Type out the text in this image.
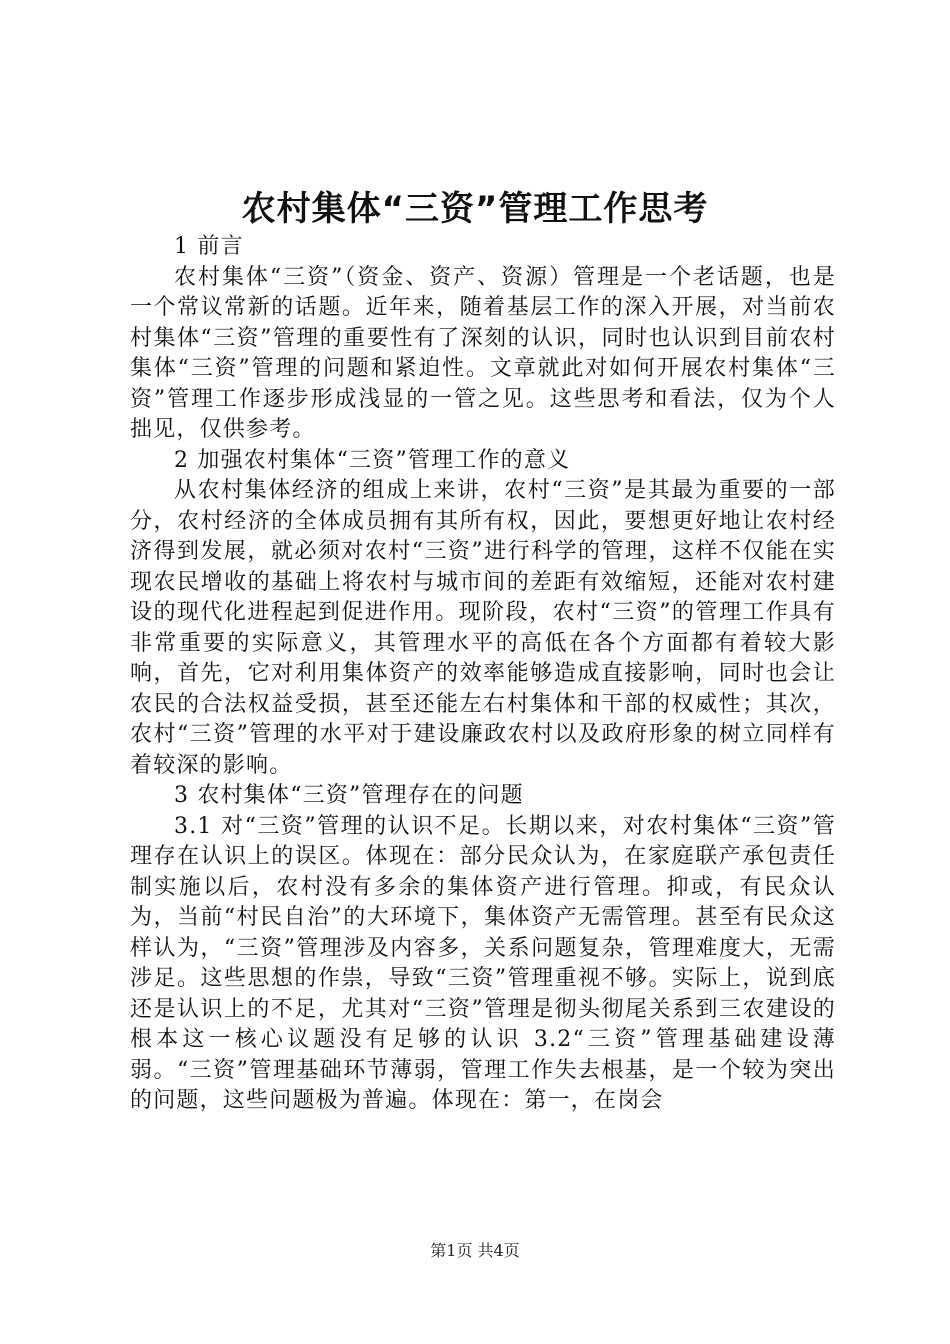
农村集体“三资”管理工作思考

1 前言

农村集体“三资”（资金、资产、资源）管理是一个老话题，也是一个常议常新的话题。近年来，随着基层工作的深入开展，对当前农村集体“三资”管理的重要性有了深刻的认识，同时也认识到目前农村集体“三资”管理的问题和紧迫性。文章就此对如何开展农村集体“三资”管理工作逐步形成浅显的一管之见。这些思考和看法，仅为个人拙见，仅供参考。

2 加强农村集体“三资”管理工作的意义

从农村集体经济的组成上来讲，农村“三资”是其最为重要的一部分，农村经济的全体成员拥有其所有权，因此，要想更好地让农村经济得到发展，就必须对农村“三资”进行科学的管理，这样不仅能在实现农民增收的基础上将农村与城市间的差距有效缩短，还能对农村建设的现代化进程起到促进作用。现阶段，农村“三资”的管理工作具有非常重要的实际意义，其管理水平的高低在各个方面都有着较大影响，首先，它对利用集体资产的效率能够造成直接影响，同时也会让农民的合法权益受损，甚至还能左右村集体和干部的权威性；其次，农村“三资”管理的水平对于建设廉政农村以及政府形象的树立同样有着较深的影响。

3 农村集体“三资”管理存在的问题

3.1 对“三资”管理的认识不足。长期以来，对农村集体“三资”管理存在认识上的误区。体现在：部分民众认为，在家庭联产承包责任制实施以后，农村没有多余的集体资产进行管理。抑或，有民众认为，当前“村民自治”的大环境下，集体资产无需管理。甚至有民众这样认为，“三资”管理涉及内容多，关系问题复杂，管理难度大，无需涉足。这些思想的作祟，导致“三资”管理重视不够。实际上，说到底还是认识上的不足，尤其对“三资”管理是彻头彻尾关系到三农建设的根本这一核心议题没有足够的认识 3.2“三资”管理基础建设薄弱。“三资”管理基础环节薄弱，管理工作失去根基，是一个较为突出的问题，这些问题极为普遍。体现在：第一，在岗会

第1页 共4页
